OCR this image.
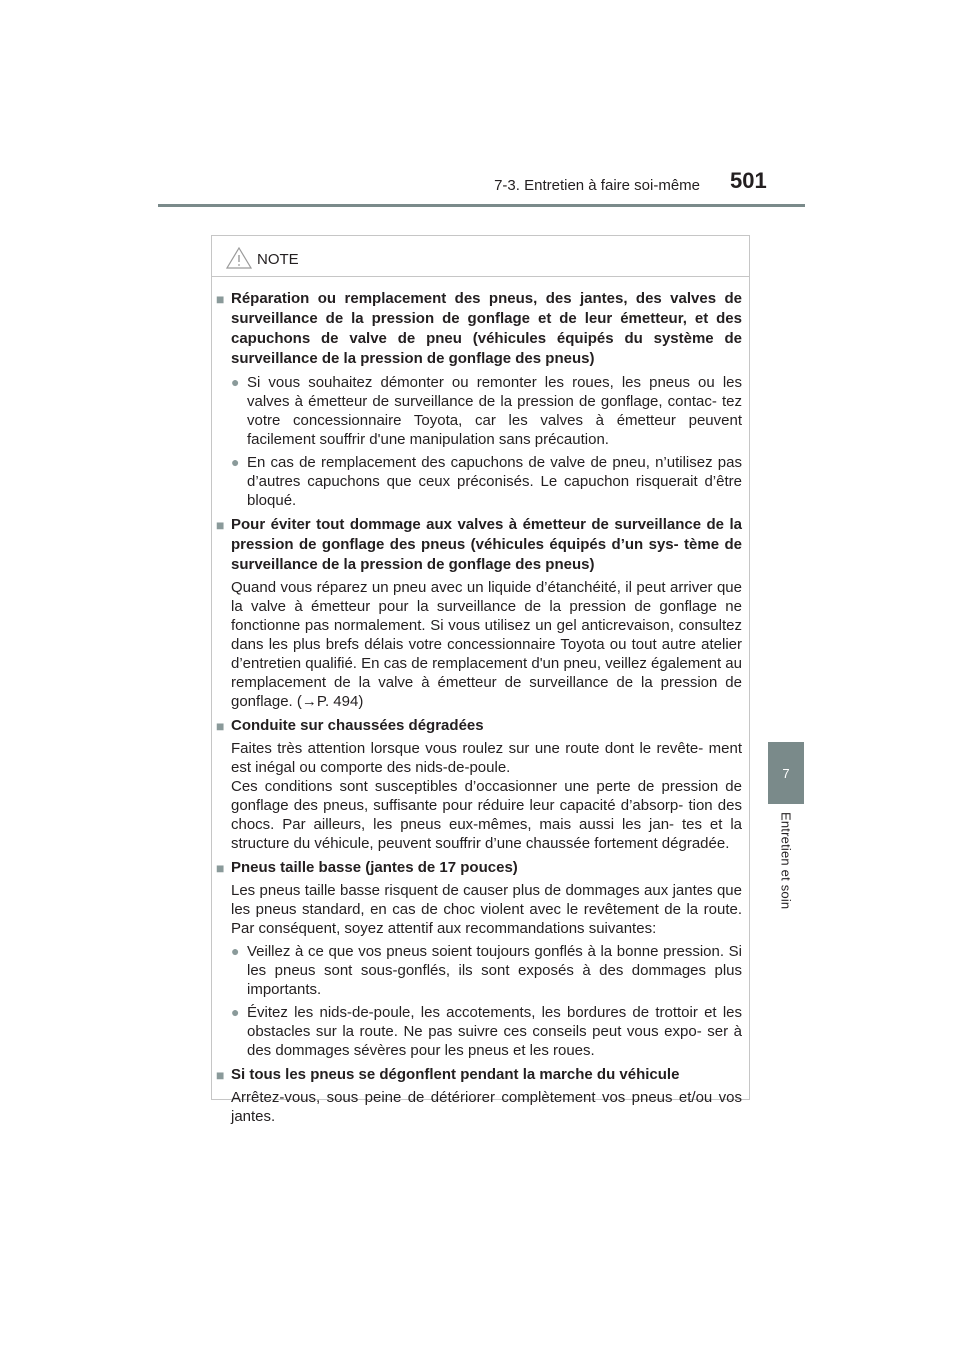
7-3. Entretien à faire soi-même 501
7
Entretien et soin
NOTE
■ Réparation ou remplacement des pneus, des jantes, des valves de surveillance de la pression de gonflage et de leur émetteur, et des capuchons de valve de pneu (véhicules équipés du système de surveillance de la pression de gonflage des pneus)
● Si vous souhaitez démonter ou remonter les roues, les pneus ou les valves à émetteur de surveillance de la pression de gonflage, contac- tez votre concessionnaire Toyota, car les valves à émetteur peuvent facilement souffrir d'une manipulation sans précaution.
● En cas de remplacement des capuchons de valve de pneu, n’utilisez pas d’autres capuchons que ceux préconisés. Le capuchon risquerait d’être bloqué.
■ Pour éviter tout dommage aux valves à émetteur de surveillance de la pression de gonflage des pneus (véhicules équipés d’un sys- tème de surveillance de la pression de gonflage des pneus)
Quand vous réparez un pneu avec un liquide d’étanchéité, il peut arriver que la valve à émetteur pour la surveillance de la pression de gonflage ne fonctionne pas normalement. Si vous utilisez un gel anticrevaison, consultez dans les plus brefs délais votre concessionnaire Toyota ou tout autre atelier d’entretien qualifié. En cas de remplacement d'un pneu, veillez également au remplacement de la valve à émetteur de surveillance de la pression de gonflage. (→P. 494)
■ Conduite sur chaussées dégradées
Faites très attention lorsque vous roulez sur une route dont le revête- ment est inégal ou comporte des nids-de-poule.
Ces conditions sont susceptibles d’occasionner une perte de pression de gonflage des pneus, suffisante pour réduire leur capacité d’absorp- tion des chocs. Par ailleurs, les pneus eux-mêmes, mais aussi les jan- tes et la structure du véhicule, peuvent souffrir d’une chaussée fortement dégradée.
■ Pneus taille basse (jantes de 17 pouces)
Les pneus taille basse risquent de causer plus de dommages aux jantes que les pneus standard, en cas de choc violent avec le revêtement de la route. Par conséquent, soyez attentif aux recommandations suivantes:
● Veillez à ce que vos pneus soient toujours gonflés à la bonne pression. Si les pneus sont sous-gonflés, ils sont exposés à des dommages plus importants.
● Évitez les nids-de-poule, les accotements, les bordures de trottoir et les obstacles sur la route. Ne pas suivre ces conseils peut vous expo- ser à des dommages sévères pour les pneus et les roues.
■ Si tous les pneus se dégonflent pendant la marche du véhicule
Arrêtez-vous, sous peine de détériorer complètement vos pneus et/ou vos jantes.
